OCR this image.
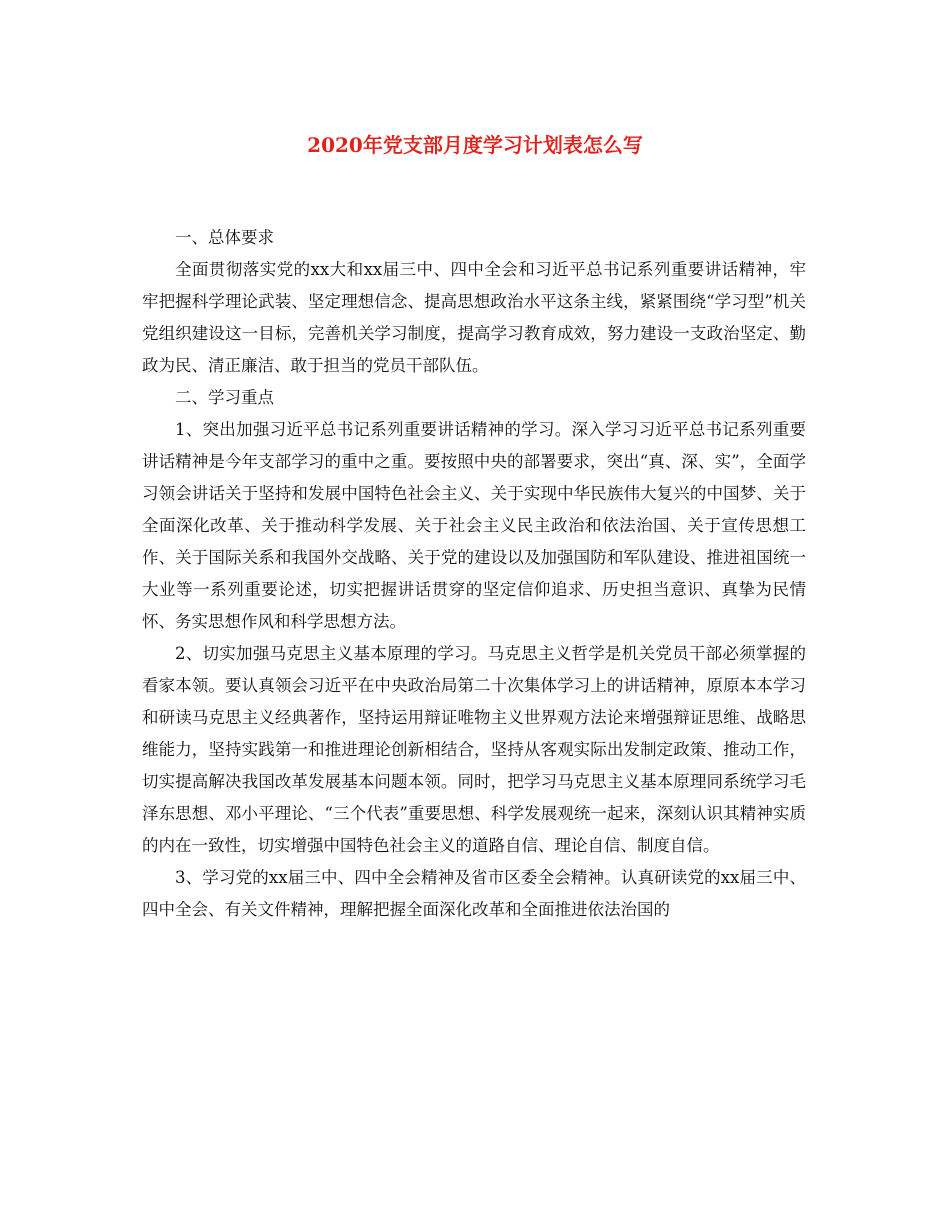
2020年党支部月度学习计划表怎么写

一、总体要求

全面贯彻落实党的xx大和xx届三中、四中全会和习近平总书记系列重要讲话精神，牢牢把握科学理论武装、坚定理想信念、提高思想政治水平这条主线，紧紧围绕“学习型”机关党组织建设这一目标，完善机关学习制度，提高学习教育成效，努力建设一支政治坚定、勤政为民、清正廉洁、敢于担当的党员干部队伍。

二、学习重点

1、突出加强习近平总书记系列重要讲话精神的学习。深入学习习近平总书记系列重要讲话精神是今年支部学习的重中之重。要按照中央的部署要求，突出“真、深、实”，全面学习领会讲话关于坚持和发展中国特色社会主义、关于实现中华民族伟大复兴的中国梦、关于全面深化改革、关于推动科学发展、关于社会主义民主政治和依法治国、关于宣传思想工作、关于国际关系和我国外交战略、关于党的建设以及加强国防和军队建设、推进祖国统一大业等一系列重要论述，切实把握讲话贯穿的坚定信仰追求、历史担当意识、真挚为民情怀、务实思想作风和科学思想方法。

2、切实加强马克思主义基本原理的学习。马克思主义哲学是机关党员干部必须掌握的看家本领。要认真领会习近平在中央政治局第二十次集体学习上的讲话精神，原原本本学习和研读马克思主义经典著作，坚持运用辩证唯物主义世界观方法论来增强辩证思维、战略思维能力，坚持实践第一和推进理论创新相结合，坚持从客观实际出发制定政策、推动工作，切实提高解决我国改革发展基本问题本领。同时，把学习马克思主义基本原理同系统学习毛泽东思想、邓小平理论、“三个代表”重要思想、科学发展观统一起来，深刻认识其精神实质的内在一致性，切实增强中国特色社会主义的道路自信、理论自信、制度自信。

3、学习党的xx届三中、四中全会精神及省市区委全会精神。认真研读党的xx届三中、四中全会、有关文件精神，理解把握全面深化改革和全面推进依法治国的
